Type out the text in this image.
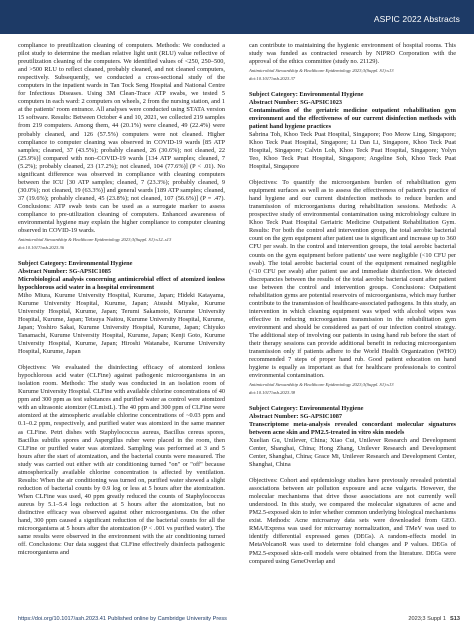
ASPIC 2022 Abstracts

compliance to preutilization cleaning of computers. Methods: We conducted a pilot study to determine the median relative light unit (RLU) value reflective of preutilization cleaning of the computers. We identified values of <250, 250–500, and >500 RLU to reflect cleaned, probably cleaned, and not cleaned computers, respectively. Subsequently, we conducted a cross-sectional study of the computers in the inpatient wards in Tan Tock Seng Hospital and National Centre for Infectious Diseases. Using 3M Clean-Trace ATP swabs, we tested 5 computers in each ward: 2 computers on wheels, 2 from the nursing station, and 1 at the patients' room entrance. All analyses were conducted using STATA version 15 software. Results: Between October 4 and 10, 2021, we collected 219 samples from 219 computers. Among them, 44 (20.1%) were cleaned, 49 (22.4%) were probably cleaned, and 126 (57.5%) computers were not cleaned. Higher compliance to computer cleaning was observed in COVID-19 wards [85 ATP samples; cleaned, 37 (43.5%); probably cleaned, 26 (30.6%); not cleaned, 22 (25.9%)] compared with non–COVID-19 wards [134 ATP samples; cleaned, 7 (5.2%); probably cleaned, 23 (17.2%); not cleaned, 104 (77.6%)] (P < .01). No significant difference was observed in compliance with cleaning computers between the ICU [30 ATP samples; cleaned, 7 (23.3%); probably cleaned, 9 (30.0%); not cleaned, 19 (63.3%)] and general wards [189 ATP samples; cleaned, 37 (19.6%); probably cleaned, 45 (23.8%); not cleaned, 107 (56.6%)] (P = .47). Conclusions: ATP swab tests can be used as a surrogate marker to assess compliance to pre-utilization cleaning of computers. Enhanced awareness of environmental hygiene may explain the higher compliance to computer cleaning observed in COVID-19 wards.

Antimicrobial Stewardship & Healthcare Epidemiology 2023;3(Suppl. S1):s12–s13

doi:10.1017/ash.2023.36

Subject Category: Environmental Hygiene

Abstract Number: SG-APSIC1085

Microbiological analysis concerning antimicrobial effect of atomized ionless hypochlorous acid water in a hospital environment

Miho Miura, Kurume University Hospital, Kurume, Japan; Hideki Katayama, Kurume University Hospital, Kurume, Japan; Atsushi Miyake, Kurume University Hospital, Kurume, Japan; Terumi Sakamoto, Kurume University Hospital, Kurume, Japan; Tetsuya Naitou, Kurume University Hospital, Kurume, Japan; Yoshiro Sakai, Kurume University Hospital, Kurume, Japan; Chiyuko Tanamachi, Kurume University Hospital, Kurume, Japan; Kenji Goto, Kurume University Hospital, Kurume, Japan; Hiroshi Watanabe, Kurume University Hospital, Kurume, Japan

Objectives: We evaluated the disinfecting efficacy of atomized ionless hypochlorous acid water (CLFine) against pathogenic microorganisms in an isolation room. Methods: The study was conducted in an isolation room of Kurume University Hospital. CLFine with available chlorine concentrations of 40 ppm and 300 ppm as test substances and purified water as control were atomized with an ultrasonic atomizer (CLmistL). The 40 ppm and 300 ppm of CLFine were atomized at the atmospheric available chlorine concentrations of ~0.03 ppm and 0.1–0.2 ppm, respectively, and purified water was atomized in the same manner as CLFine. Petri dishes with Staphylococcus aureus, Bacillus cereus spores, Bacillus subtilis spores and Aspergillus ruber were placed in the room, then CLFine or purified water was atomized. Sampling was performed at 3 and 5 hours after the start of atomization, and the bacterial counts were measured. The study was carried out either with air conditioning turned "on" or "off" because atmospherically available chlorine concentration is affected by ventilation. Results: When the air conditioning was turned on, purified water showed a slight reduction of bacterial counts by 0.9 log or less at 5 hours after the atomization. When CLFine was used, 40 ppm greatly reduced the counts of Staphylococcus aureus by 5.1–5.4 logs reduction at 5 hours after the atomization, but no distinctive efficacy was observed against other microorganisms. On the other hand, 300 ppm caused a significant reduction of the bacterial counts for all the microorganisms at 5 hours after the atomization (P < .001 vs purified water). The same results were observed in the environment with the air conditioning turned off. Conclusions: Our data suggest that CLFine effectively disinfects pathogenic microorganisms and

can contribute to maintaining the hygienic environment of hospital rooms. This study was funded as contracted research by NIPRO Corporation with the approval of the ethics committee (study no. 21129).

Antimicrobial Stewardship & Healthcare Epidemiology 2023;3(Suppl. S1):s13

doi:10.1017/ash.2023.37

Subject Category: Environmental Hygiene

Abstract Number: SG-APSIC1023

Contamination of the geriatric medicine outpatient rehabilitation gym environment and the effectiveness of our current disinfection methods with patient hand hygiene practices

Sabrina Toh, Khoo Teck Puat Hospital, Singapore; Foo Meow Ling, Singapore; Khoo Teck Puat Hospital, Singapore; Li Dan Li, Singapore, Khoo Teck Puat Hospital, Singapore; Calvin Loh, Khoo Teck Puat Hospital, Singapore; Yolyn Teo, Khoo Teck Puat Hospital, Singapore; Angeline Soh, Khoo Teck Puat Hospital, Singapore

Objectives: To quantify the microorganism burden of rehabilitation gym equipment surfaces as well as to assess the effectiveness of patient's practice of hand hygiene and our current disinfection methods to reduce burden and transmission of microorganisms during rehabilitation sessions. Methods: A prospective study of environmental contamination using microbiology culture in Khoo Teck Puat Hospital Geriatric Medicine Outpatient Rehabilitation Gym. Results: For both the control and intervention group, the total aerobic bacterial count on the gym equipment after patient use is significant and increase up to 360 CFU per swab. In the control and intervention groups, the total aerobic bacterial counts on the gym equipment before patients' use were negligible (<10 CFU per swab). The total aerobic bacterial count of the equipment remained negligible (<10 CFU per swab) after patient use and immediate disinfection. We detected discrepancies between the results of the total aerobic bacterial count after patient use between the control and intervention groups. Conclusions: Outpatient rehabilitation gyms are potential reservoirs of microorganisms, which may further contribute to the transmission of healthcare-associated pathogens. In this study, an intervention in which cleaning equipment was wiped with alcohol wipes was effective in reducing microorganism transmission in the rehabilitation gym environment and should be considered as part of our infection control strategy. The additional step of involving our patients in using hand rub before the start of their therapy sessions can provide additional benefit in reducing microorganism transmission only if patients adhere to the World Health Organization (WHO) recommended 7 steps of proper hand rub. Good patient education on hand hygiene is equally as important as that for healthcare professionals to control environmental contamination.

Antimicrobial Stewardship & Healthcare Epidemiology 2023;3(Suppl. S1):s13

doi:10.1017/ash.2023.38

Subject Category: Environmental Hygiene

Abstract Number: SG-APSIC1087

Transcriptome meta-analysis revealed concordant molecular signatures between acne skin and PM2.5-treated in vitro skin models

Xuelian Gu, Unilever, China; Xiao Cui, Unilever Research and Development Center, Shanghai, China; Hong Zhang, Unilever Research and Development Center, Shanghai, China; Grace Mi, Unilever Research and Development Center, Shanghai, China

Objectives: Cohort and epidemiology studies have previously revealed potential associations between air pollution exposure and acne vulgaris. However, the molecular mechanisms that drive those associations are not currently well understood. In this study, we compared the molecular signatures of acne and PM2.5-exposed skin to infer whether common underlying biological mechanisms exist. Methods: Acne microarray data sets were downloaded from GEO. RMA/Express was used for microarray normalization, and TMeV was used to identify differential expressed genes (DEGs). A random-effects model in MetaVolcanoR was used to determine fold changes and P values. DEGs of PM2.5-exposed skin-cell models were obtained from the literature. DEGs were compared using GeneOverlap and

https://doi.org/10.1017/ash.2023.41 Published online by Cambridge University Press	2023;3 Suppl 1 S13
